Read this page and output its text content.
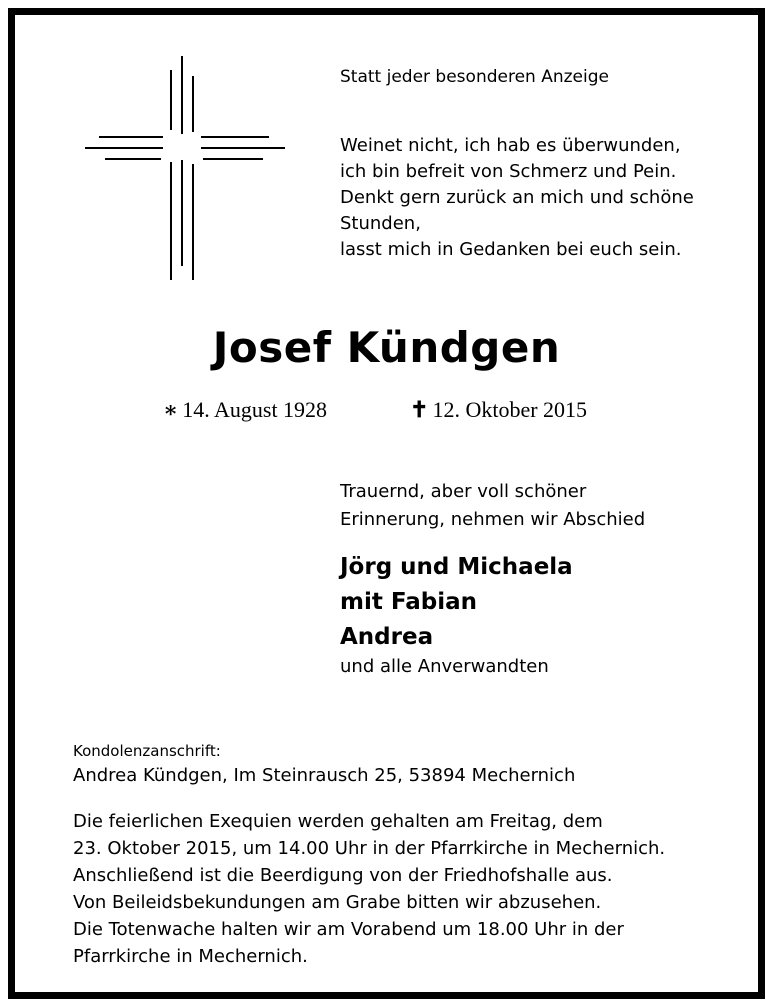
Statt jeder besonderen Anzeige
Weinet nicht, ich hab es überwunden,
ich bin befreit von Schmerz und Pein.
Denkt gern zurück an mich und schöne
Stunden,
lasst mich in Gedanken bei euch sein.
Josef Kündgen
∗ 14. August 1928	✝ 12. Oktober 2015
Trauernd, aber voll schöner
Erinnerung, nehmen wir Abschied
Jörg und Michaela
mit Fabian
Andrea
und alle Anverwandten
Kondolenzanschrift:
Andrea Kündgen, Im Steinrausch 25, 53894 Mechernich
Die feierlichen Exequien werden gehalten am Freitag, dem
23. Oktober 2015, um 14.00 Uhr in der Pfarrkirche in Mechernich.
Anschließend ist die Beerdigung von der Friedhofshalle aus.
Von Beileidsbekundungen am Grabe bitten wir abzusehen.
Die Totenwache halten wir am Vorabend um 18.00 Uhr in der
Pfarrkirche in Mechernich.
